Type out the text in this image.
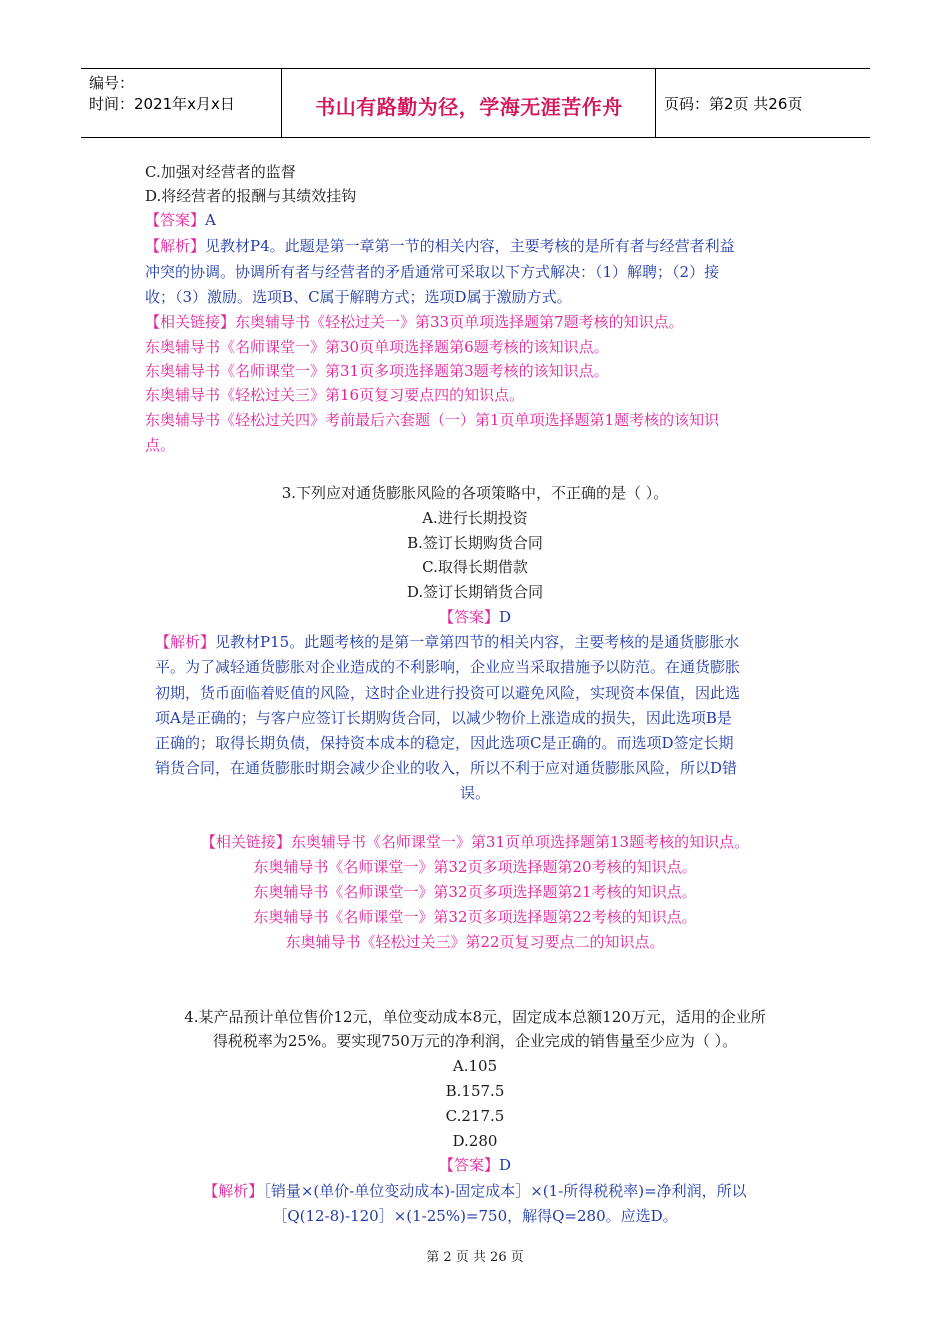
编号：
时间：2021年x月x日	书山有路勤为径，学海无涯苦作舟	页码：第2页 共26页
C.加强对经营者的监督
D.将经营者的报酬与其绩效挂钩
【答案】A
【解析】见教材P4。此题是第一章第一节的相关内容，主要考核的是所有者与经营者利益
冲突的协调。协调所有者与经营者的矛盾通常可采取以下方式解决：（1）解聘；（2）接
收；（3）激励。选项B、C属于解聘方式；选项D属于激励方式。
【相关链接】东奥辅导书《轻松过关一》第33页单项选择题第7题考核的知识点。
东奥辅导书《名师课堂一》第30页单项选择题第6题考核的该知识点。
东奥辅导书《名师课堂一》第31页多项选择题第3题考核的该知识点。
东奥辅导书《轻松过关三》第16页复习要点四的知识点。
东奥辅导书《轻松过关四》考前最后六套题（一）第1页单项选择题第1题考核的该知识
点。
3.下列应对通货膨胀风险的各项策略中，不正确的是（ ）。
A.进行长期投资
B.签订长期购货合同
C.取得长期借款
D.签订长期销货合同
【答案】D
【解析】见教材P15。此题考核的是第一章第四节的相关内容，主要考核的是通货膨胀水
平。为了减轻通货膨胀对企业造成的不利影响，企业应当采取措施予以防范。在通货膨胀
初期，货币面临着贬值的风险，这时企业进行投资可以避免风险，实现资本保值，因此选
项A是正确的；与客户应签订长期购货合同，以减少物价上涨造成的损失，因此选项B是
正确的；取得长期负债，保持资本成本的稳定，因此选项C是正确的。而选项D签定长期
销货合同，在通货膨胀时期会减少企业的收入，所以不利于应对通货膨胀风险，所以D错
误。
【相关链接】东奥辅导书《名师课堂一》第31页单项选择题第13题考核的知识点。
东奥辅导书《名师课堂一》第32页多项选择题第20考核的知识点。
东奥辅导书《名师课堂一》第32页多项选择题第21考核的知识点。
东奥辅导书《名师课堂一》第32页多项选择题第22考核的知识点。
东奥辅导书《轻松过关三》第22页复习要点二的知识点。
4.某产品预计单位售价12元，单位变动成本8元，固定成本总额120万元，适用的企业所
得税税率为25%。要实现750万元的净利润，企业完成的销售量至少应为（ ）。
A.105
B.157.5
C.217.5
D.280
【答案】D
【解析】［销量×(单价-单位变动成本)-固定成本］×(1-所得税税率)=净利润，所以
［Q(12-8)-120］×(1-25%)=750，解得Q=280。应选D。
第 2 页 共 26 页
